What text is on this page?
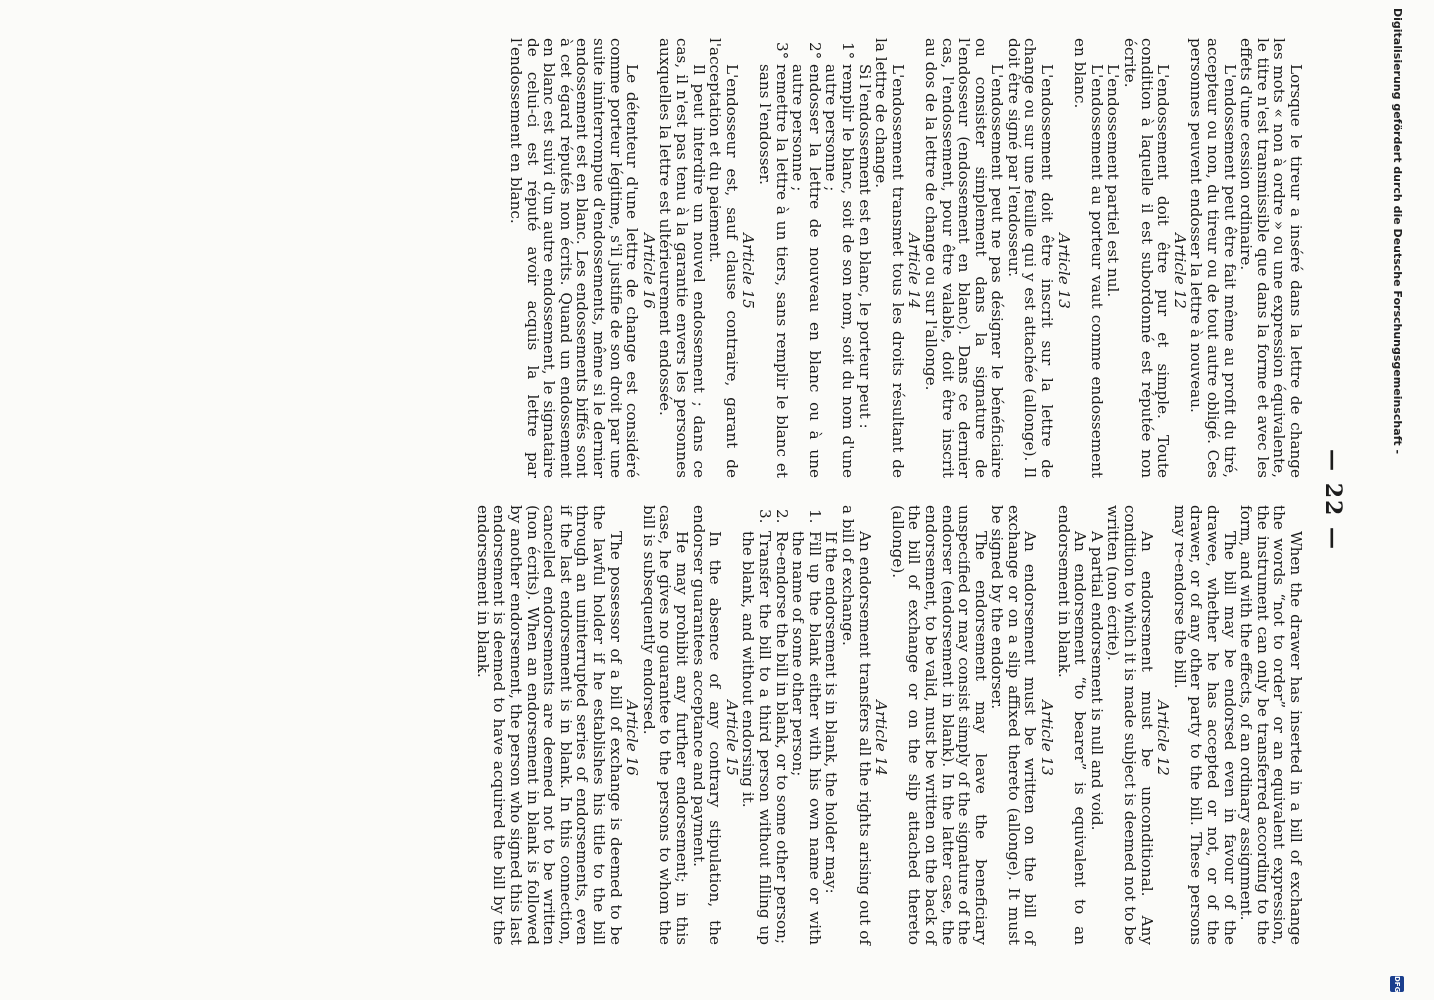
— 22 —

Lorsque le tireur a inséré dans la lettre de change les mots « non à ordre » ou une expression équivalente, le titre n'est transmissible que dans la forme et avec les effets d'une cession ordinaire.

L'endossement peut être fait même au profit du tiré, accepteur ou non, du tireur ou de tout autre obligé. Ces personnes peuvent endosser la lettre à nouveau.

Article 12

L'endossement doit être pur et simple. Toute condition à laquelle il est subordonné est réputée non écrite.

L'endossement partiel est nul.

L'endossement au porteur vaut comme endossement en blanc.

Article 13

L'endossement doit être inscrit sur la lettre de change ou sur une feuille qui y est attachée (allonge). Il doit être signé par l'endosseur.

L'endossement peut ne pas désigner le bénéficiaire ou consister simplement dans la signature de l'endosseur (endossement en blanc). Dans ce dernier cas, l'endossement, pour être valable, doit être inscrit au dos de la lettre de change ou sur l'allonge.

Article 14

L'endossement transmet tous les droits résultant de la lettre de change.

Si l'endossement est en blanc, le porteur peut :

1°remplir le blanc, soit de son nom, soit du nom d'une autre personne ;
2°endosser la lettre de nouveau en blanc ou à une autre personne ;
3°remettre la lettre à un tiers, sans remplir le blanc et sans l'endosser.

Article 15

L'endosseur est, sauf clause contraire, garant de l'acceptation et du paiement.

Il peut interdire un nouvel endossement ; dans ce cas, il n'est pas tenu à la garantie envers les personnes auxquelles la lettre est ultérieurement endossée.

Article 16

Le détenteur d'une lettre de change est considéré comme porteur légitime, s'il justifie de son droit par une suite ininterrompue d'endossements, même si le dernier endossement est en blanc. Les endossements biffés sont à cet égard réputés non écrits. Quand un endossement en blanc est suivi d'un autre endossement, le signataire de celui-ci est réputé avoir acquis la lettre par l'endossement en blanc.

When the drawer has inserted in a bill of exchange the words “not to order” or an equivalent expression, the instrument can only be transferred according to the form, and with the effects, of an ordinary assignment.

The bill may be endorsed even in favour of the drawee, whether he has accepted or not, or of the drawer, or of any other party to the bill. These persons may re-endorse the bill.

Article 12

An endorsement must be unconditional. Any condition to which it is made subject is deemed not to be written (non écrite).

A partial endorsement is null and void.

An endorsement “to bearer” is equivalent to an endorsement in blank.

Article 13

An endorsement must be written on the bill of exchange or on a slip affixed thereto (allonge). It must be signed by the endorser.

The endorsement may leave the beneficiary unspecified or may consist simply of the signature of the endorser (endorsement in blank). In the latter case, the endorsement, to be valid, must be written on the back of the bill of exchange or on the slip attached thereto (allonge).

Article 14

An endorsement transfers all the rights arising out of a bill of exchange.

If the endorsement is in blank, the holder may:

1.Fill up the blank either with his own name or with the name of some other person;
2.Re-endorse the bill in blank, or to some other person;
3.Transfer the bill to a third person without filling up the blank, and without endorsing it.

Article 15

In the absence of any contrary stipulation, the endorser guarantees acceptance and payment.

He may prohibit any further endorsement; in this case, he gives no guarantee to the persons to whom the bill is subsequently endorsed.

Article 16

The possessor of a bill of exchange is deemed to be the lawful holder if he establishes his title to the bill through an uninterrupted series of endorsements, even if the last endorsement is in blank. In this connection, cancelled endorsements are deemed not to be written (non écrits). When an endorsement in blank is followed by another endorsement, the person who signed this last endorsement is deemed to have acquired the bill by the endorsement in blank.

Digitalisierung gefördert durch die Deutsche Forschungsgemeinschaft -
DFG
